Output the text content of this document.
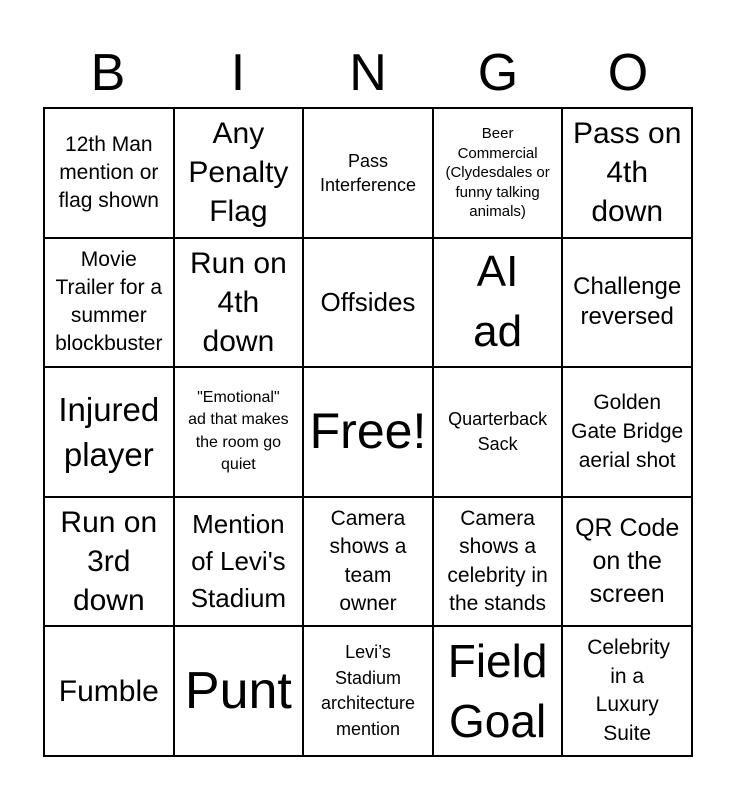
B	I	N	G	O
12th Man mention or flag shown
Any Penalty Flag
Pass Interference
Beer Commercial (Clydesdales or funny talking animals)
Pass on 4th down
Movie Trailer for a summer blockbuster
Run on 4th down
Offsides
AI ad
Challenge reversed
Injured player
"Emotional" ad that makes the room go quiet
Free!	Quarterback Sack
Golden Gate Bridge aerial shot
Run on 3rd down
Mention of Levi's Stadium
Camera shows a team owner
Camera shows a celebrity in the stands
QR Code on the screen
Fumble Punt
Levi’s Stadium architecture mention
Field Goal
Celebrity in a Luxury Suite
